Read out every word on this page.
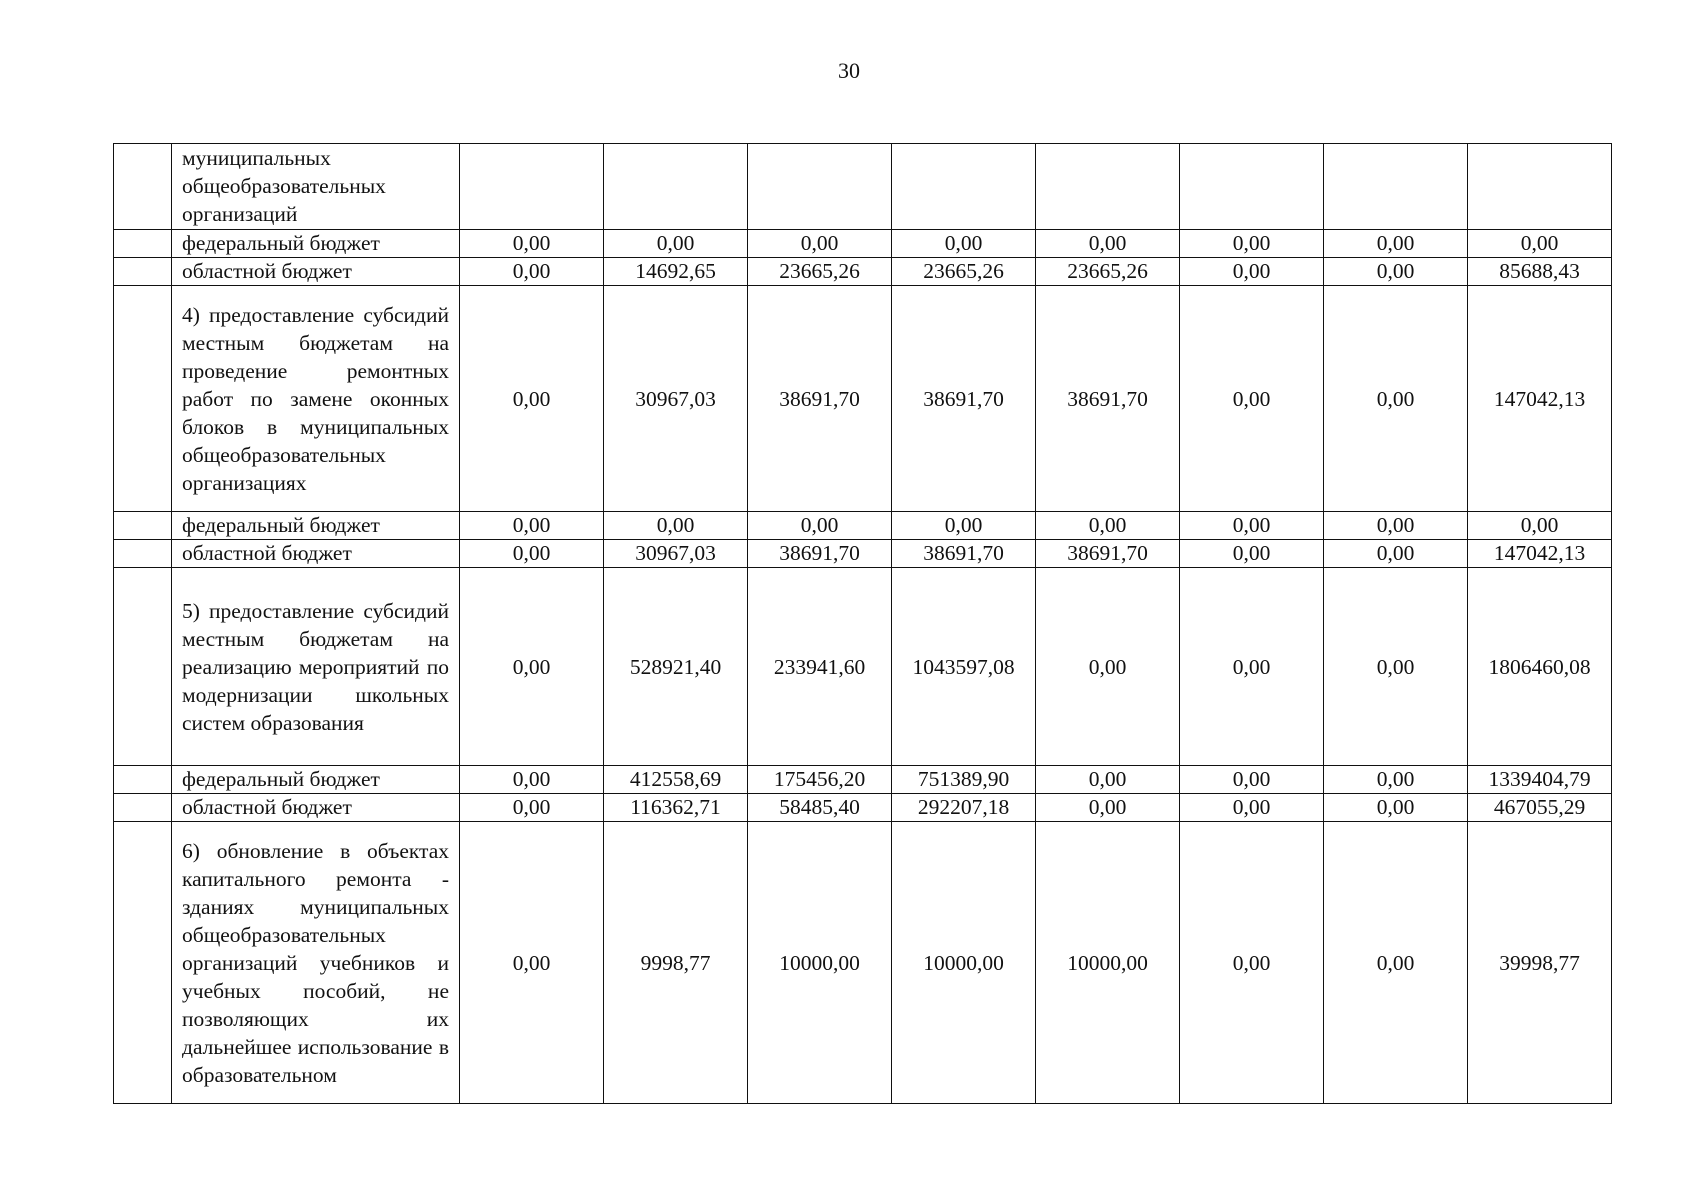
30
	муниципальных общеобразовательных организаций								
	федеральный бюджет	0,00	0,00	0,00	0,00	0,00	0,00	0,00	0,00
	областной бюджет	0,00	14692,65	23665,26	23665,26	23665,26	0,00	0,00	85688,43
	4) предоставление субсидий местным бюджетам на проведение ремонтных работ по замене оконных блоков в муниципальных общеобразовательных организациях	0,00	30967,03	38691,70	38691,70	38691,70	0,00	0,00	147042,13
	федеральный бюджет	0,00	0,00	0,00	0,00	0,00	0,00	0,00	0,00
	областной бюджет	0,00	30967,03	38691,70	38691,70	38691,70	0,00	0,00	147042,13
	5) предоставление субсидий местным бюджетам на реализацию мероприятий по модернизации школьных систем образования	0,00	528921,40	233941,60	1043597,08	0,00	0,00	0,00	1806460,08
	федеральный бюджет	0,00	412558,69	175456,20	751389,90	0,00	0,00	0,00	1339404,79
	областной бюджет	0,00	116362,71	58485,40	292207,18	0,00	0,00	0,00	467055,29
	6) обновление в объектах капитального ремонта - зданиях муниципальных общеобразовательных организаций учебников и учебных пособий, не позволяющих их дальнейшее использование в образовательном	0,00	9998,77	10000,00	10000,00	10000,00	0,00	0,00	39998,77
